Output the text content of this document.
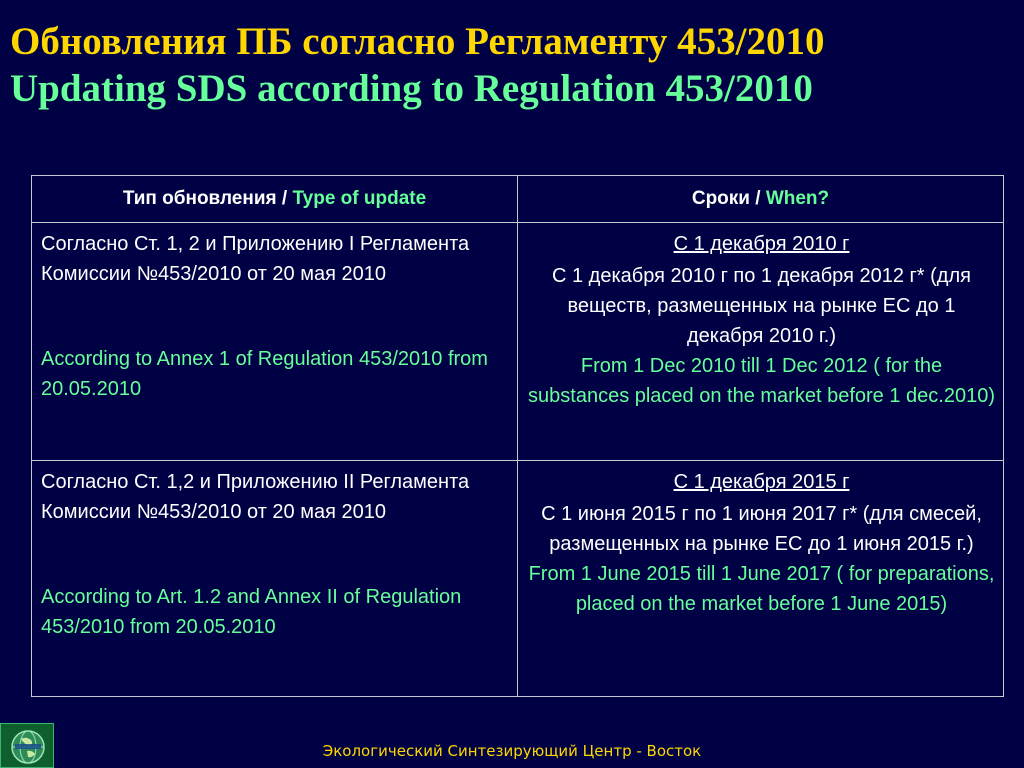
Обновления ПБ согласно Регламенту 453/2010
Updating SDS according to Regulation 453/2010
Тип обновления / Type of update	Сроки / When?

Согласно Ст. 1, 2 и Приложению I Регламента Комиссии №453/2010 от 20 мая 2010
According to Annex 1 of Regulation 453/2010 from 20.05.2010	С 1 декабря 2010 г
С 1 декабря 2010 г по 1 декабря 2012 г* (для веществ, размещенных на рынке ЕС до 1 декабря 2010 г.)
From 1 Dec 2010 till 1 Dec 2012 ( for the substances placed on the market before 1 dec.2010)

Согласно Ст. 1,2 и Приложению II Регламента Комиссии №453/2010 от 20 мая 2010
According to Art. 1.2 and Annex II of Regulation 453/2010 from 20.05.2010	С 1 декабря 2015 г
С 1 июня 2015 г по 1 июня 2017 г* (для смесей, размещенных на рынке ЕС до 1 июня 2015 г.)
From 1 June 2015 till 1 June 2017 ( for preparations, placed on the market before 1 June 2015)
Экологический Синтезирующий Центр - Восток
